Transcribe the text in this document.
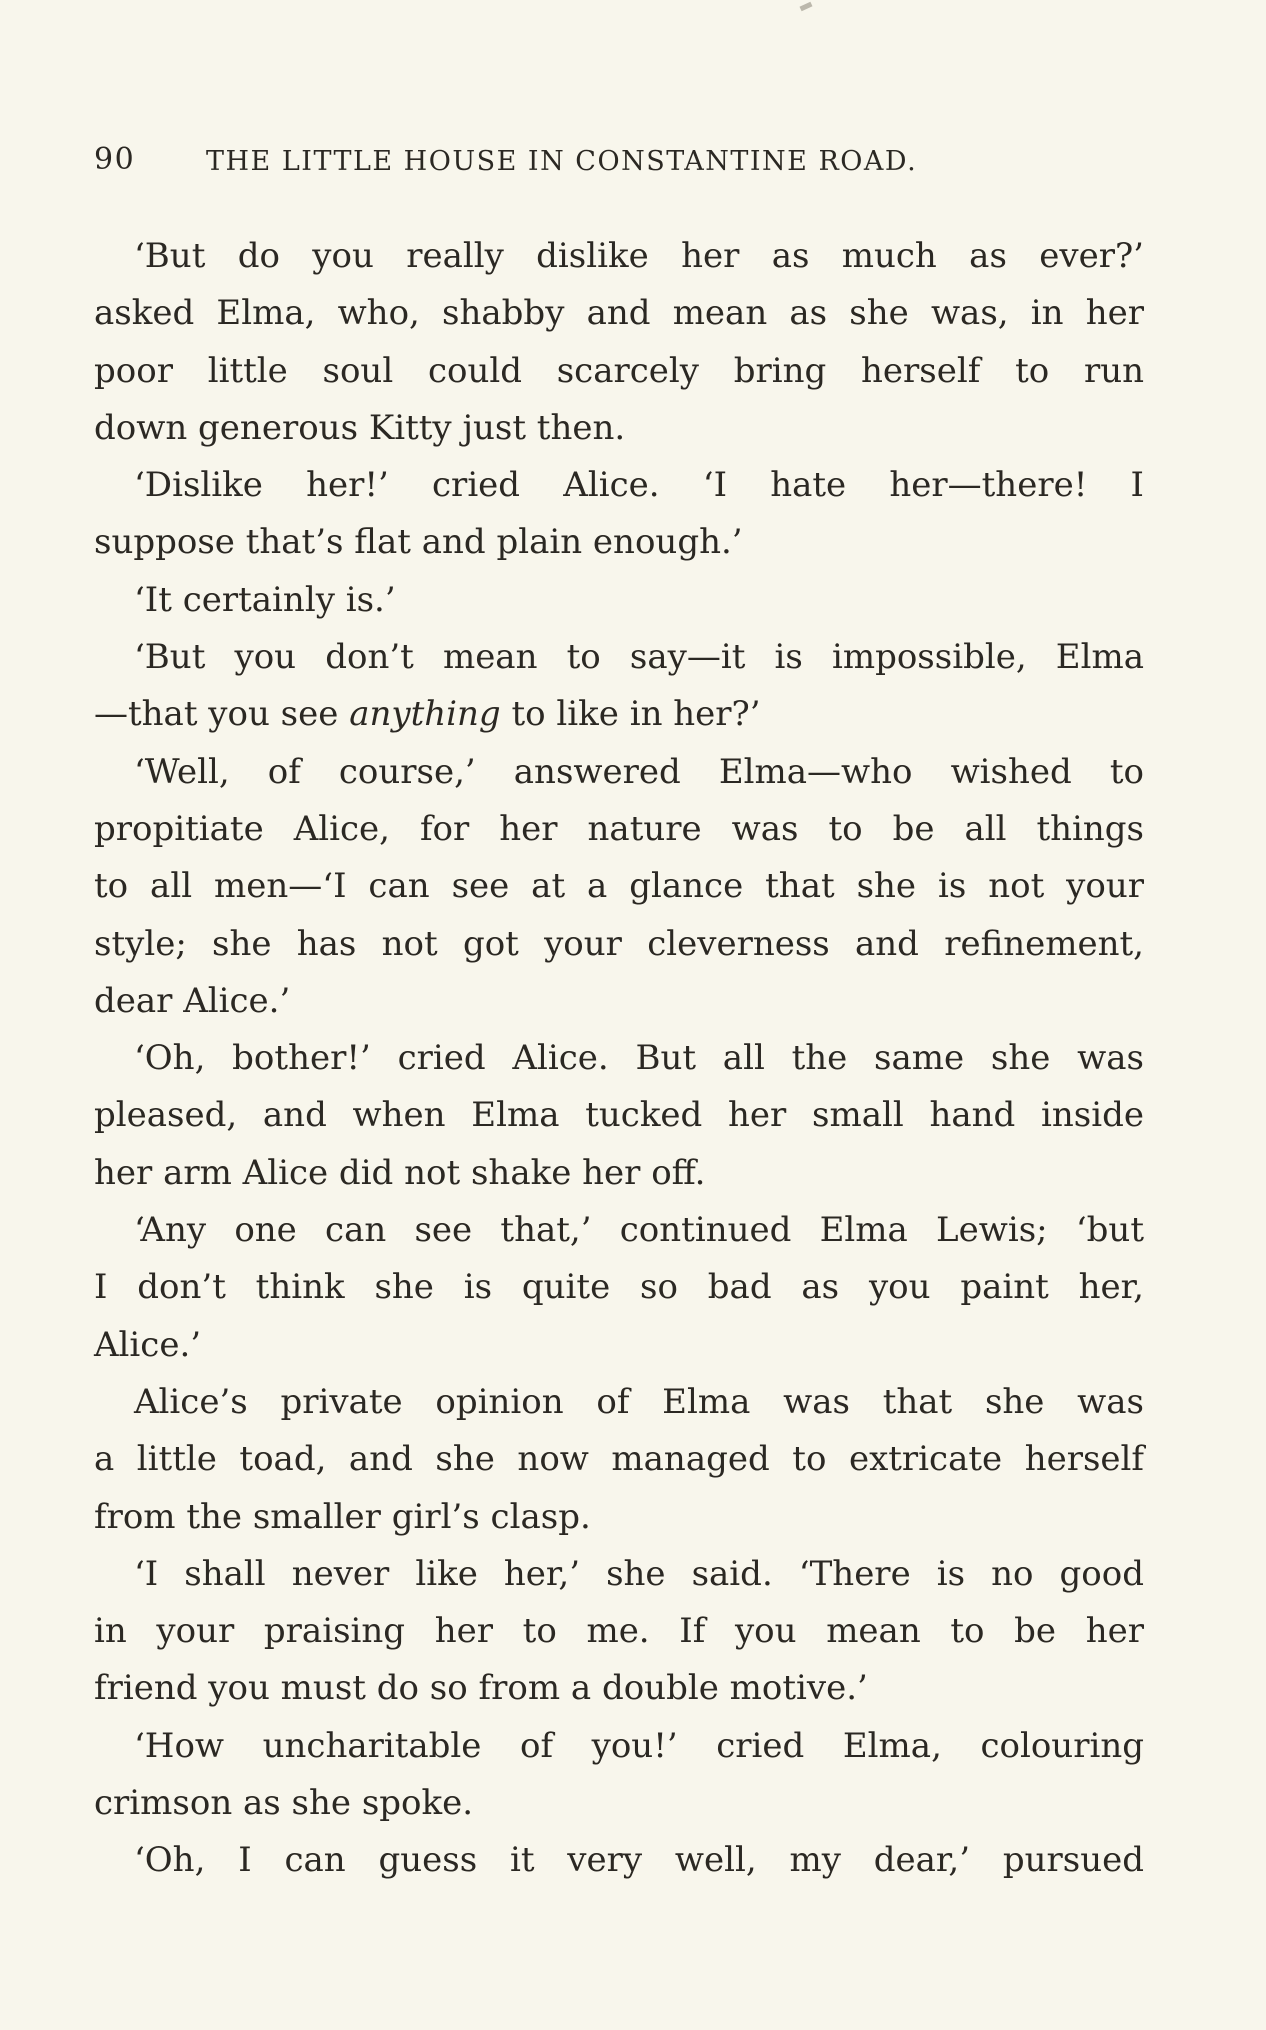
90	THE LITTLE HOUSE IN CONSTANTINE ROAD.
‘But do you really dislike her as much as ever?’
asked Elma, who, shabby and mean as she was, in her
poor little soul could scarcely bring herself to run
down generous Kitty just then.
‘Dislike her!’ cried Alice. ‘I hate her—there! I
suppose that’s flat and plain enough.’
‘It certainly is.’
‘But you don’t mean to say—it is impossible, Elma
—that you see anything to like in her?’
‘Well, of course,’ answered Elma—who wished to
propitiate Alice, for her nature was to be all things
to all men—‘I can see at a glance that she is not your
style; she has not got your cleverness and refinement,
dear Alice.’
‘Oh, bother!’ cried Alice. But all the same she was
pleased, and when Elma tucked her small hand inside
her arm Alice did not shake her off.
‘Any one can see that,’ continued Elma Lewis; ‘but
I don’t think she is quite so bad as you paint her,
Alice.’
Alice’s private opinion of Elma was that she was
a little toad, and she now managed to extricate herself
from the smaller girl’s clasp.
‘I shall never like her,’ she said. ‘There is no good
in your praising her to me. If you mean to be her
friend you must do so from a double motive.’
‘How uncharitable of you!’ cried Elma, colouring
crimson as she spoke.
‘Oh, I can guess it very well, my dear,’ pursued
